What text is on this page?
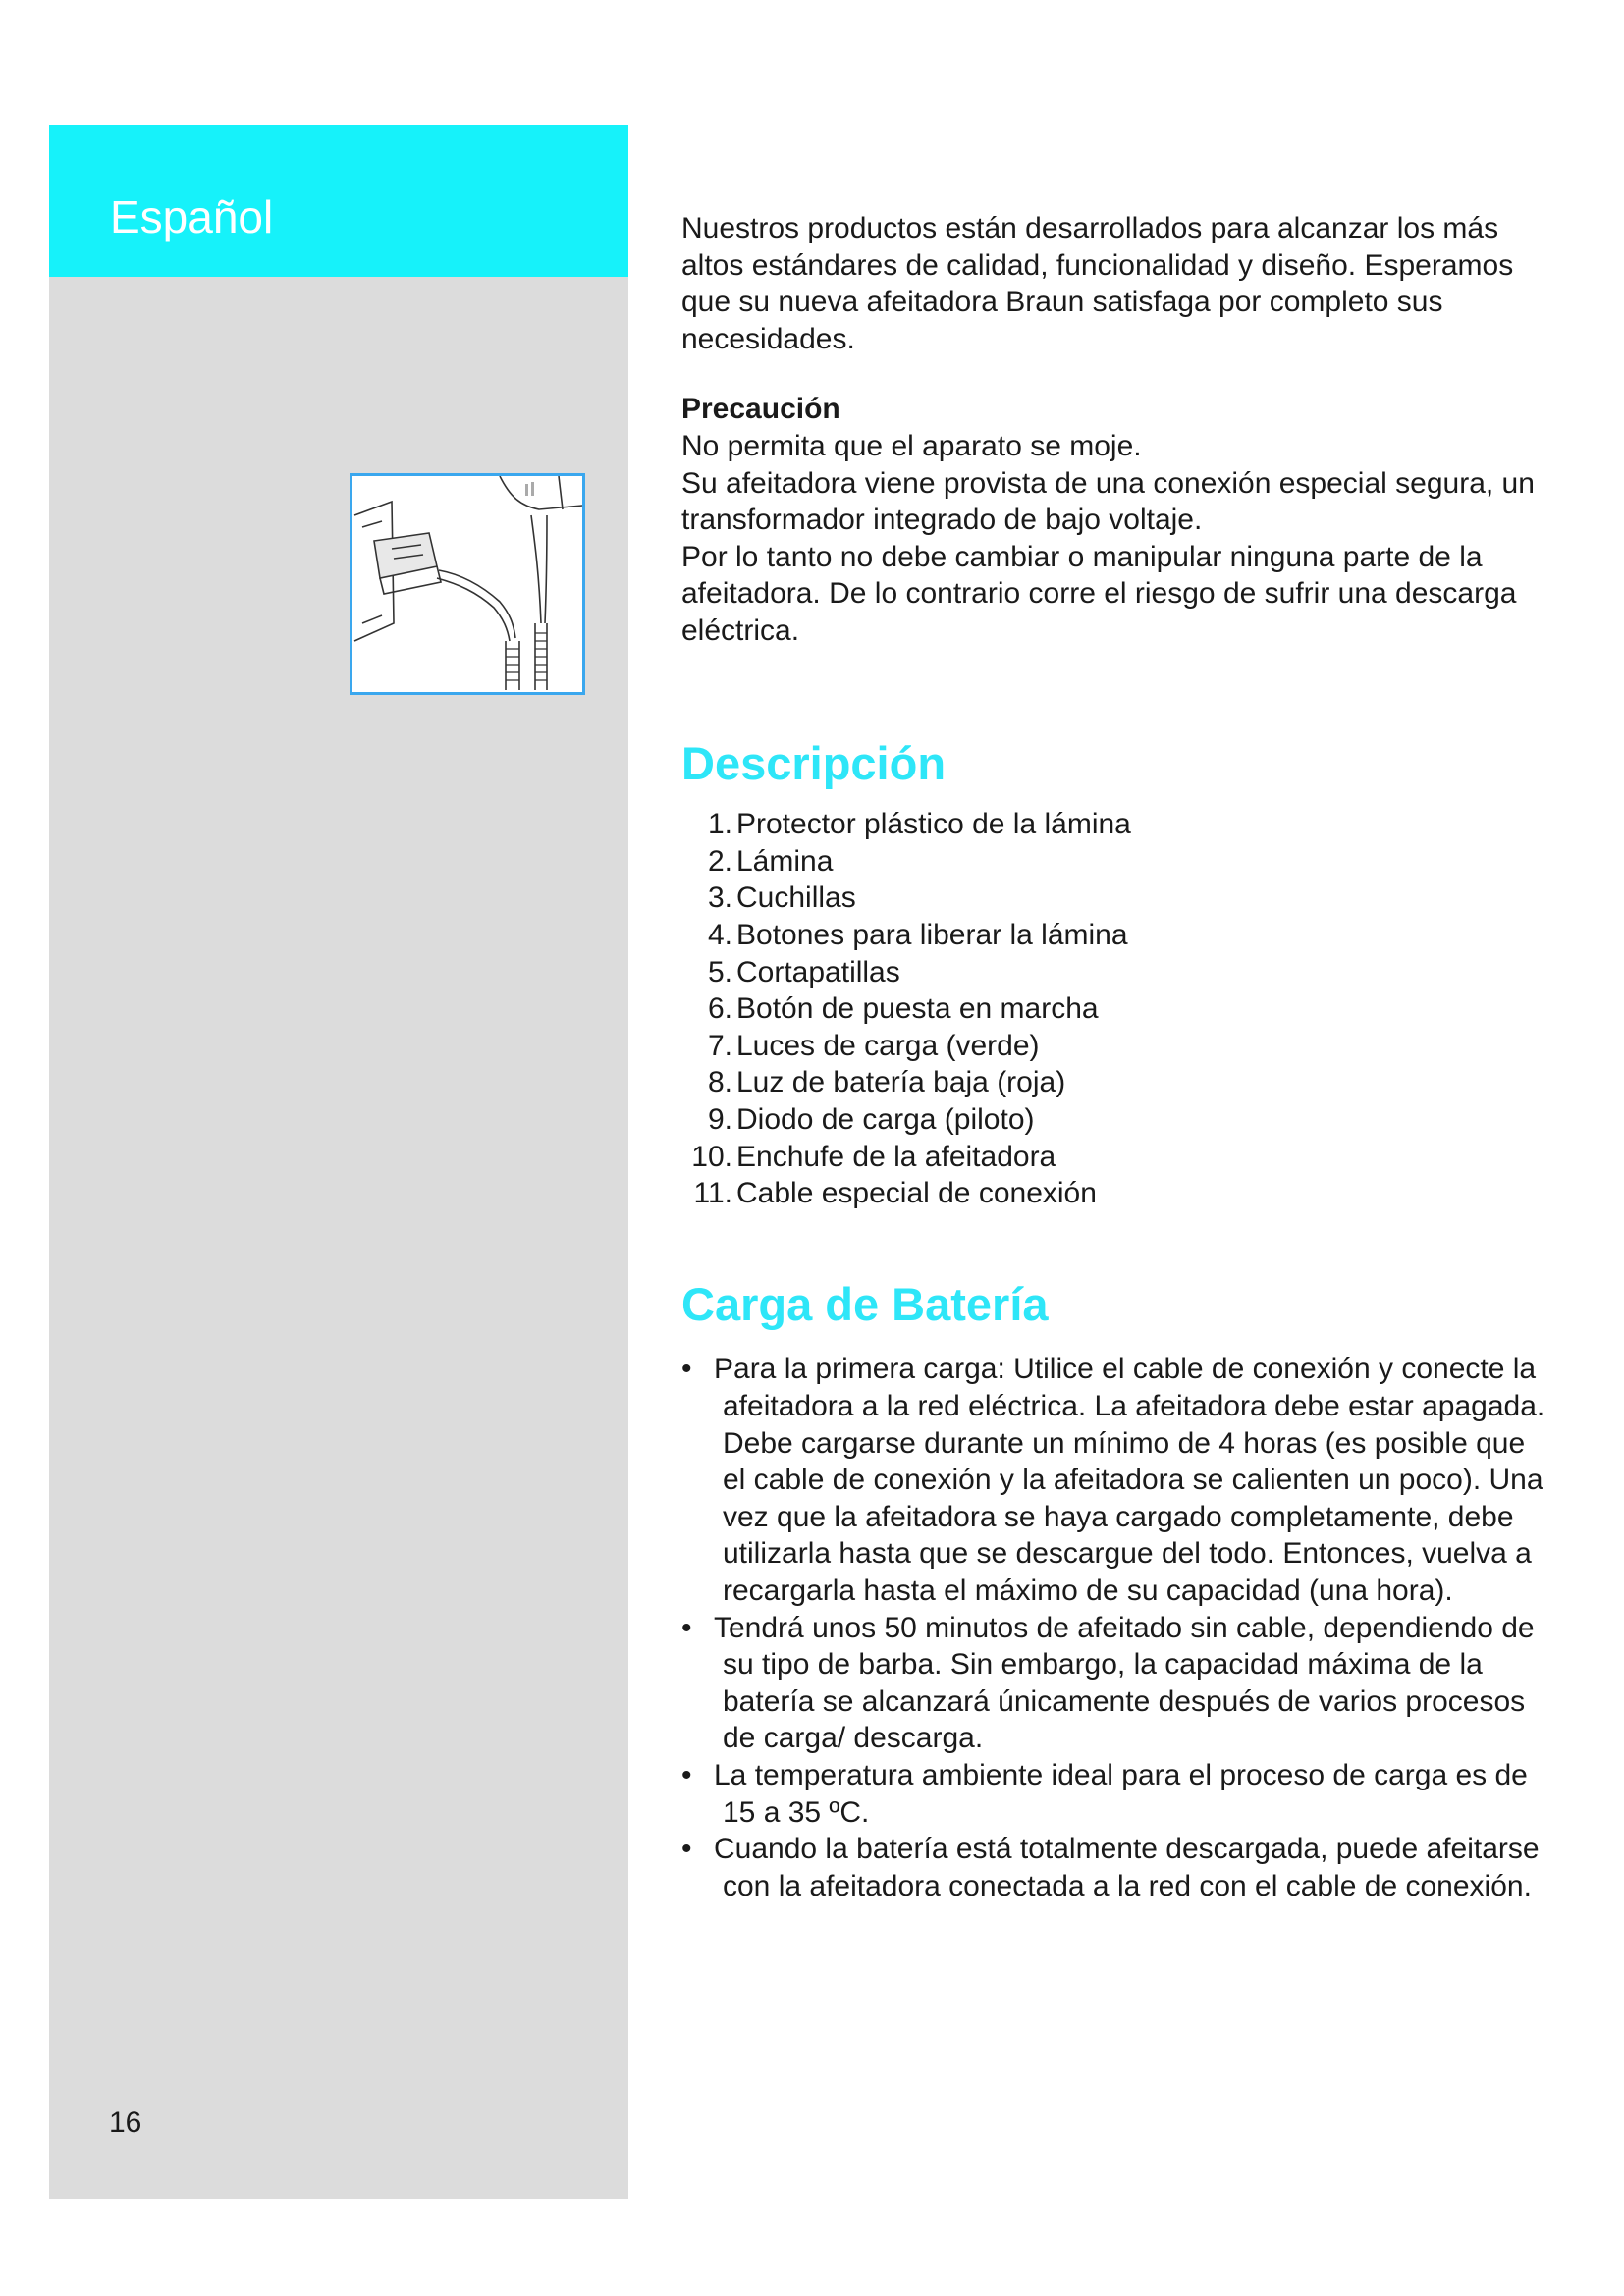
Español
16

Nuestros productos están desarrollados para alcanzar los más altos estándares de calidad, funcionalidad y diseño. Esperamos que su nueva afeitadora Braun satisfaga por completo sus necesidades.

Precaución

No permita que el aparato se moje.

Su afeitadora viene provista de una conexión especial segura, un transformador integrado de bajo voltaje.

Por lo tanto no debe cambiar o manipular ninguna parte de la afeitadora. De lo contrario corre el riesgo de sufrir una descarga eléctrica.

Descripción
1. Protector plástico de la lámina
2. Lámina
3. Cuchillas
4. Botones para liberar la lámina
5. Cortapatillas
6. Botón de puesta en marcha
7. Luces de carga (verde)
8. Luz de batería baja (roja)
9. Diodo de carga (piloto)
10. Enchufe de la afeitadora
11. Cable especial de conexión
Carga de Batería
• Para la primera carga: Utilice el cable de conexión y conecte la afeitadora a la red eléctrica. La afeitadora debe estar apagada. Debe cargarse durante un mínimo de 4 horas (es posible que el cable de conexión y la afeitadora se calienten un poco). Una vez que la afeitadora se haya cargado completamente, debe utilizarla hasta que se descargue del todo. Entonces, vuelva a recargarla hasta el máximo de su capacidad (una hora).
• Tendrá unos 50 minutos de afeitado sin cable, dependiendo de su tipo de barba. Sin embargo, la capacidad máxima de la batería se alcanzará únicamente después de varios procesos de carga/ descarga.
• La temperatura ambiente ideal para el proceso de carga es de 15 a 35 ºC.
• Cuando la batería está totalmente descargada, puede afeitarse con la afeitadora conectada a la red con el cable de conexión.
